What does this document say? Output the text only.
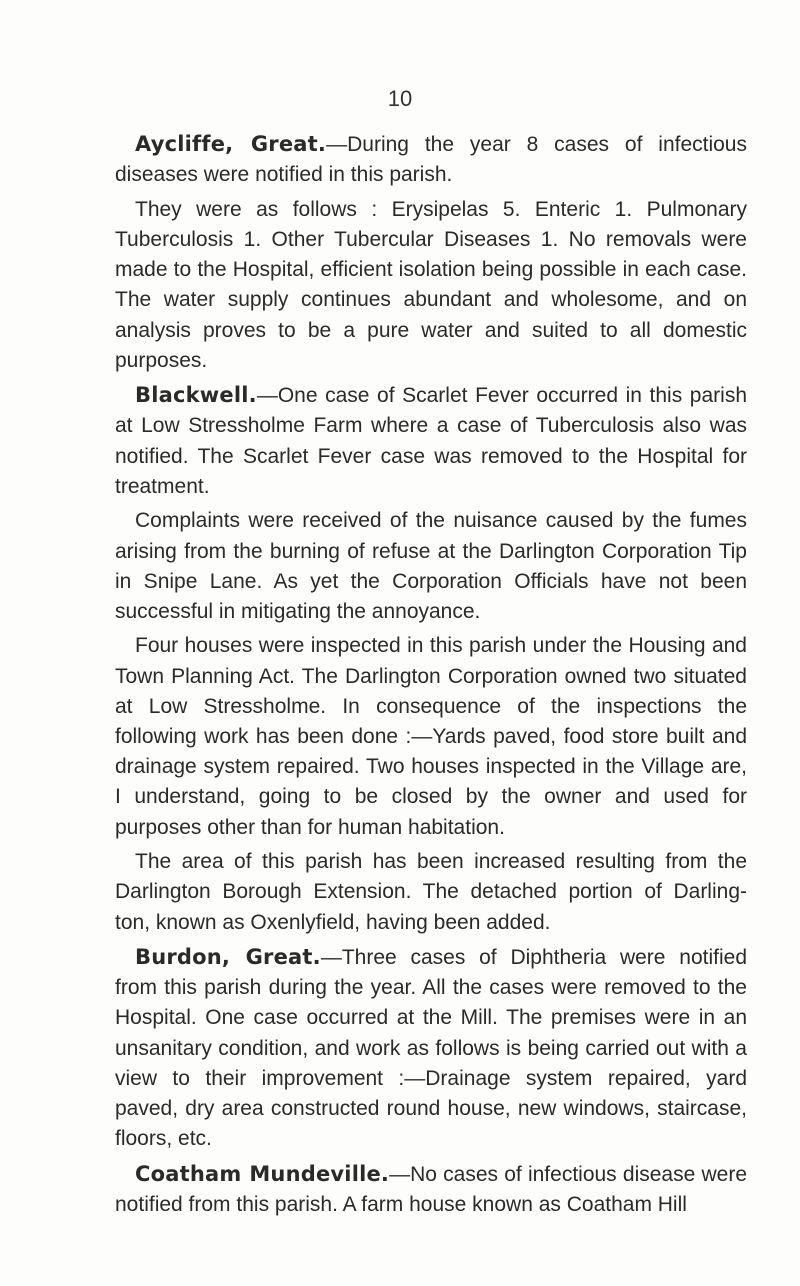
10

Aycliffe, Great.—During the year 8 cases of infectious diseases were notified in this parish.

They were as follows : Erysipelas 5. Enteric 1. Pulmonary Tuberculosis 1. Other Tubercular Diseases 1. No removals were made to the Hospital, efficient isolation being possible in each case. The water supply continues abundant and wholesome, and on analysis proves to be a pure water and suited to all domestic purposes.

Blackwell.—One case of Scarlet Fever occurred in this parish at Low Stressholme Farm where a case of Tuberculosis also was notified. The Scarlet Fever case was removed to the Hospital for treatment.

Complaints were received of the nuisance caused by the fumes arising from the burning of refuse at the Darlington Corporation Tip in Snipe Lane. As yet the Corporation Officials have not been successful in mitigating the annoyance.

Four houses were inspected in this parish under the Housing and Town Planning Act. The Darlington Corporation owned two situated at Low Stressholme. In consequence of the inspections the following work has been done :—Yards paved, food store built and drainage system repaired. Two houses inspected in the Village are, I understand, going to be closed by the owner and used for purposes other than for human habitation.

The area of this parish has been increased resulting from the Darlington Borough Extension. The detached portion of Darling- ton, known as Oxenlyfield, having been added.

Burdon, Great.—Three cases of Diphtheria were notified from this parish during the year. All the cases were removed to the Hospital. One case occurred at the Mill. The premises were in an unsanitary condition, and work as follows is being carried out with a view to their improvement :—Drainage system repaired, yard paved, dry area constructed round house, new windows, staircase, floors, etc.

Coatham Mundeville.—No cases of infectious disease were notified from this parish. A farm house known as Coatham Hill
